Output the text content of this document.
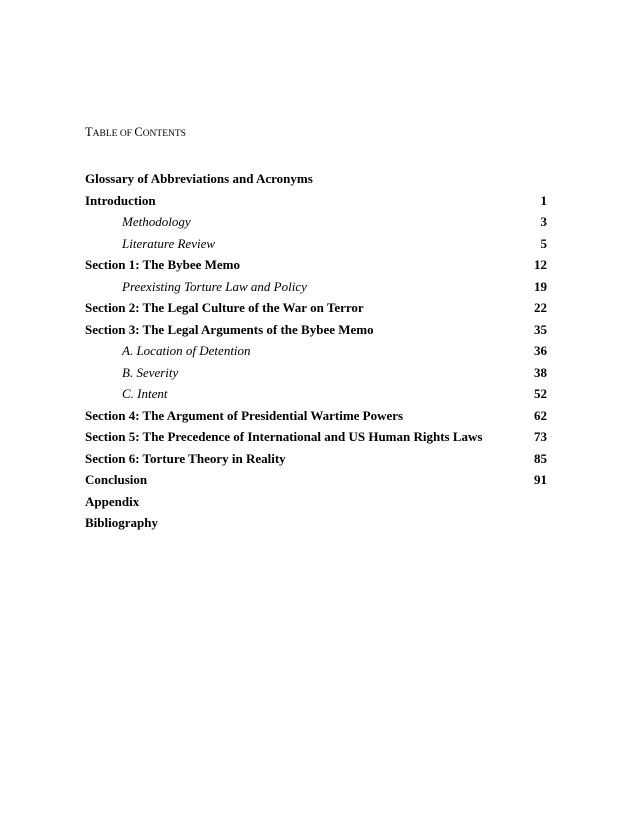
TABLE OF CONTENTS
Glossary of Abbreviations and Acronyms
Introduction	1
Methodology	3
Literature Review	5
Section 1: The Bybee Memo	12
Preexisting Torture Law and Policy	19
Section 2: The Legal Culture of the War on Terror	22
Section 3: The Legal Arguments of the Bybee Memo	35
A. Location of Detention	36
B. Severity	38
C. Intent	52
Section 4: The Argument of Presidential Wartime Powers	62
Section 5: The Precedence of International and US Human Rights Laws	73
Section 6: Torture Theory in Reality	85
Conclusion	91
Appendix
Bibliography
